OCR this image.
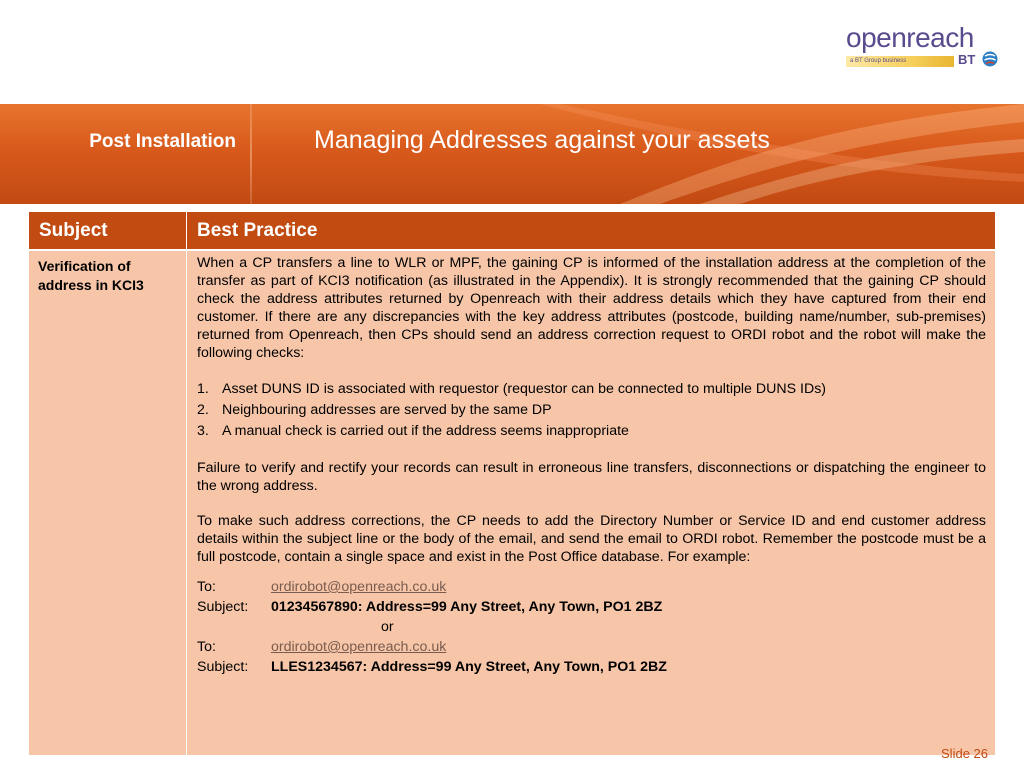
openreach
a BT Group business	BT
Post Installation	Managing Addresses against your assets
Subject	Best Practice
Verification of address in KCI3

When a CP transfers a line to WLR or MPF, the gaining CP is informed of the installation address at the completion of the transfer as part of KCI3 notification (as illustrated in the Appendix). It is strongly recommended that the gaining CP should check the address attributes returned by Openreach with their address details which they have captured from their end customer. If there are any discrepancies with the key address attributes (postcode, building name/number, sub-premises) returned from Openreach, then CPs should send an address correction request to ORDI robot and the robot will make the following checks:

1. Asset DUNS ID is associated with requestor (requestor can be connected to multiple DUNS IDs)
2. Neighbouring addresses are served by the same DP
3. A manual check is carried out if the address seems inappropriate

Failure to verify and rectify your records can result in erroneous line transfers, disconnections or dispatching the engineer to the wrong address.

To make such address corrections, the CP needs to add the Directory Number or Service ID and end customer address details within the subject line or the body of the email, and send the email to ORDI robot. Remember the postcode must be a full postcode, contain a single space and exist in the Post Office database. For example:

To:	ordirobot@openreach.co.uk
Subject: 01234567890: Address=99 Any Street, Any Town, PO1 2BZ
or
To:	ordirobot@openreach.co.uk
Subject: LLES1234567: Address=99 Any Street, Any Town, PO1 2BZ
Slide 26
